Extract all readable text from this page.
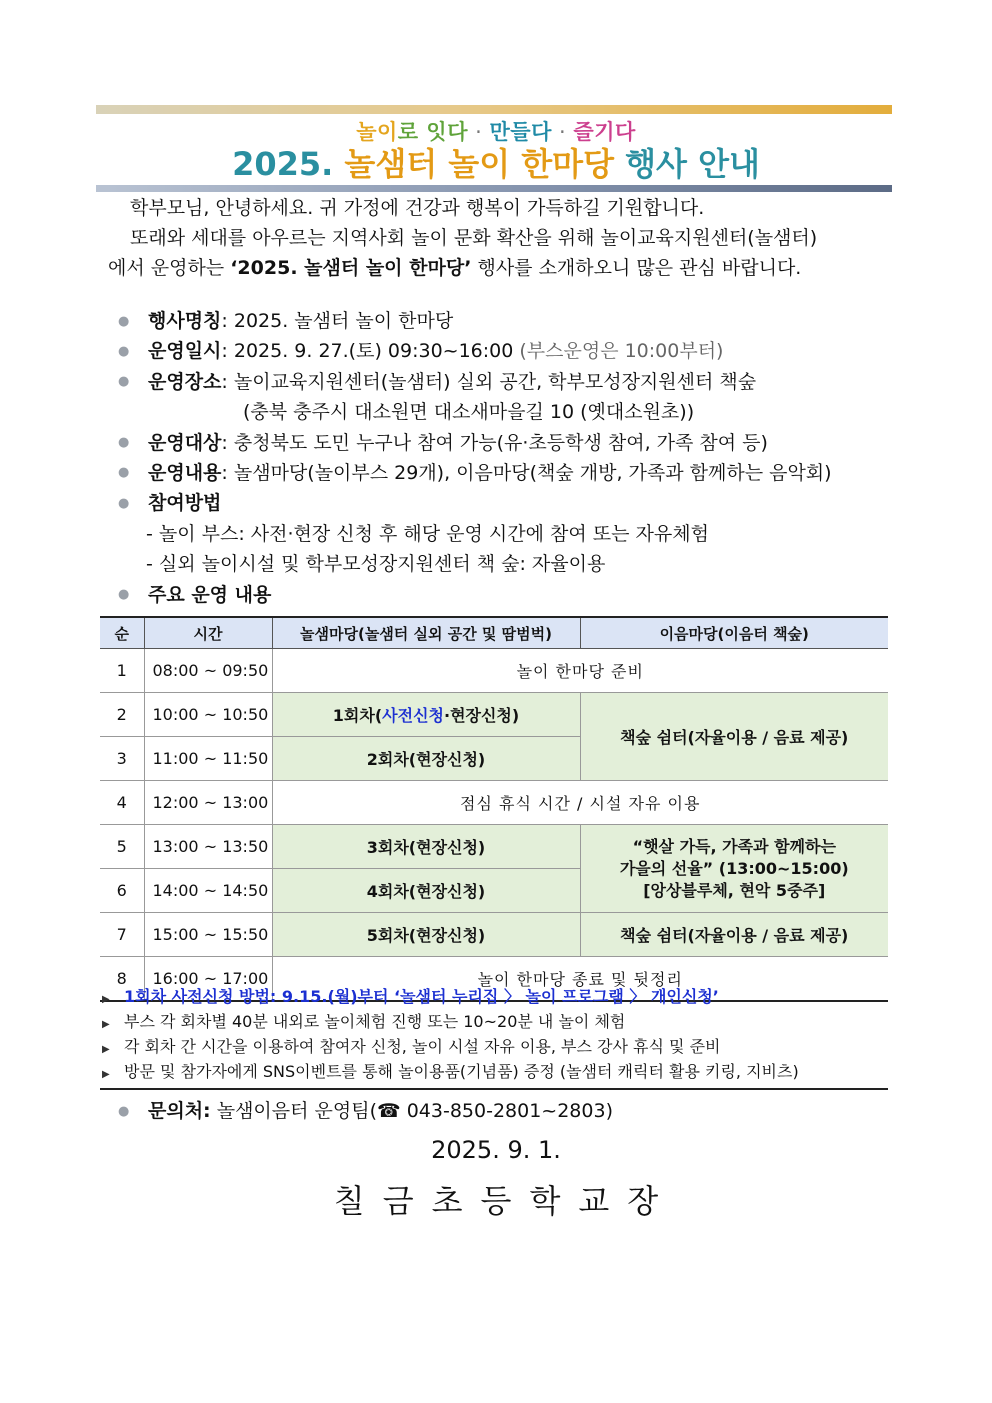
놀이로 잇다 · 만들다 · 즐기다
2025. 놀샘터 놀이 한마당 행사 안내
학부모님, 안녕하세요. 귀 가정에 건강과 행복이 가득하길 기원합니다.
또래와 세대를 아우르는 지역사회 놀이 문화 확산을 위해 놀이교육지원센터(놀샘터)
에서 운영하는 ‘2025. 놀샘터 놀이 한마당’ 행사를 소개하오니 많은 관심 바랍니다.
● 행사명칭: 2025. 놀샘터 놀이 한마당
● 운영일시: 2025. 9. 27.(토) 09:30~16:00 (부스운영은 10:00부터)
● 운영장소: 놀이교육지원센터(놀샘터) 실외 공간, 학부모성장지원센터 책숲
(충북 충주시 대소원면 대소새마을길 10 (옛대소원초))
● 운영대상: 충청북도 도민 누구나 참여 가능(유·초등학생 참여, 가족 참여 등)
● 운영내용: 놀샘마당(놀이부스 29개), 이음마당(책숲 개방, 가족과 함께하는 음악회)
● 참여방법
- 놀이 부스: 사전·현장 신청 후 해당 운영 시간에 참여 또는 자유체험
- 실외 놀이시설 및 학부모성장지원센터 책 숲: 자율이용
● 주요 운영 내용
순	시간	놀샘마당(놀샘터 실외 공간 및 땀범벅)	이음마당(이음터 책숲)
1	08:00 ~ 09:50	놀이 한마당 준비	
2	10:00 ~ 10:50	1회차(사전신청·현장신청)	책숲 쉼터(자율이용 / 음료 제공)
3	11:00 ~ 11:50	2회차(현장신청)	
4	12:00 ~ 13:00	점심 휴식 시간 / 시설 자유 이용	
5	13:00 ~ 13:50	3회차(현장신청)	“햇살 가득, 가족과 함께하는
가을의 선율” (13:00~15:00)
[앙상블루체, 현악 5중주]

6	14:00 ~ 14:50	4회차(현장신청)	
7	15:00 ~ 15:50	5회차(현장신청)	책숲 쉼터(자율이용 / 음료 제공)
8	16:00 ~ 17:00	놀이 한마당 종료 및 뒷정리	
▶ 1회차 사전신청 방법: 9.15.(월)부터 ‘놀샘터 누리집 〉 놀이 프로그램 〉 개인신청’
▶ 부스 각 회차별 40분 내외로 놀이체험 진행 또는 10~20분 내 놀이 체험
▶ 각 회차 간 시간을 이용하여 참여자 신청, 놀이 시설 자유 이용, 부스 강사 휴식 및 준비
▶ 방문 및 참가자에게 SNS이벤트를 통해 놀이용품(기념품) 증정 (놀샘터 캐릭터 활용 키링, 지비츠)
● 문의처: 놀샘이음터 운영팀(☎ 043-850-2801~2803)
2025. 9. 1.
칠금초등학교장
